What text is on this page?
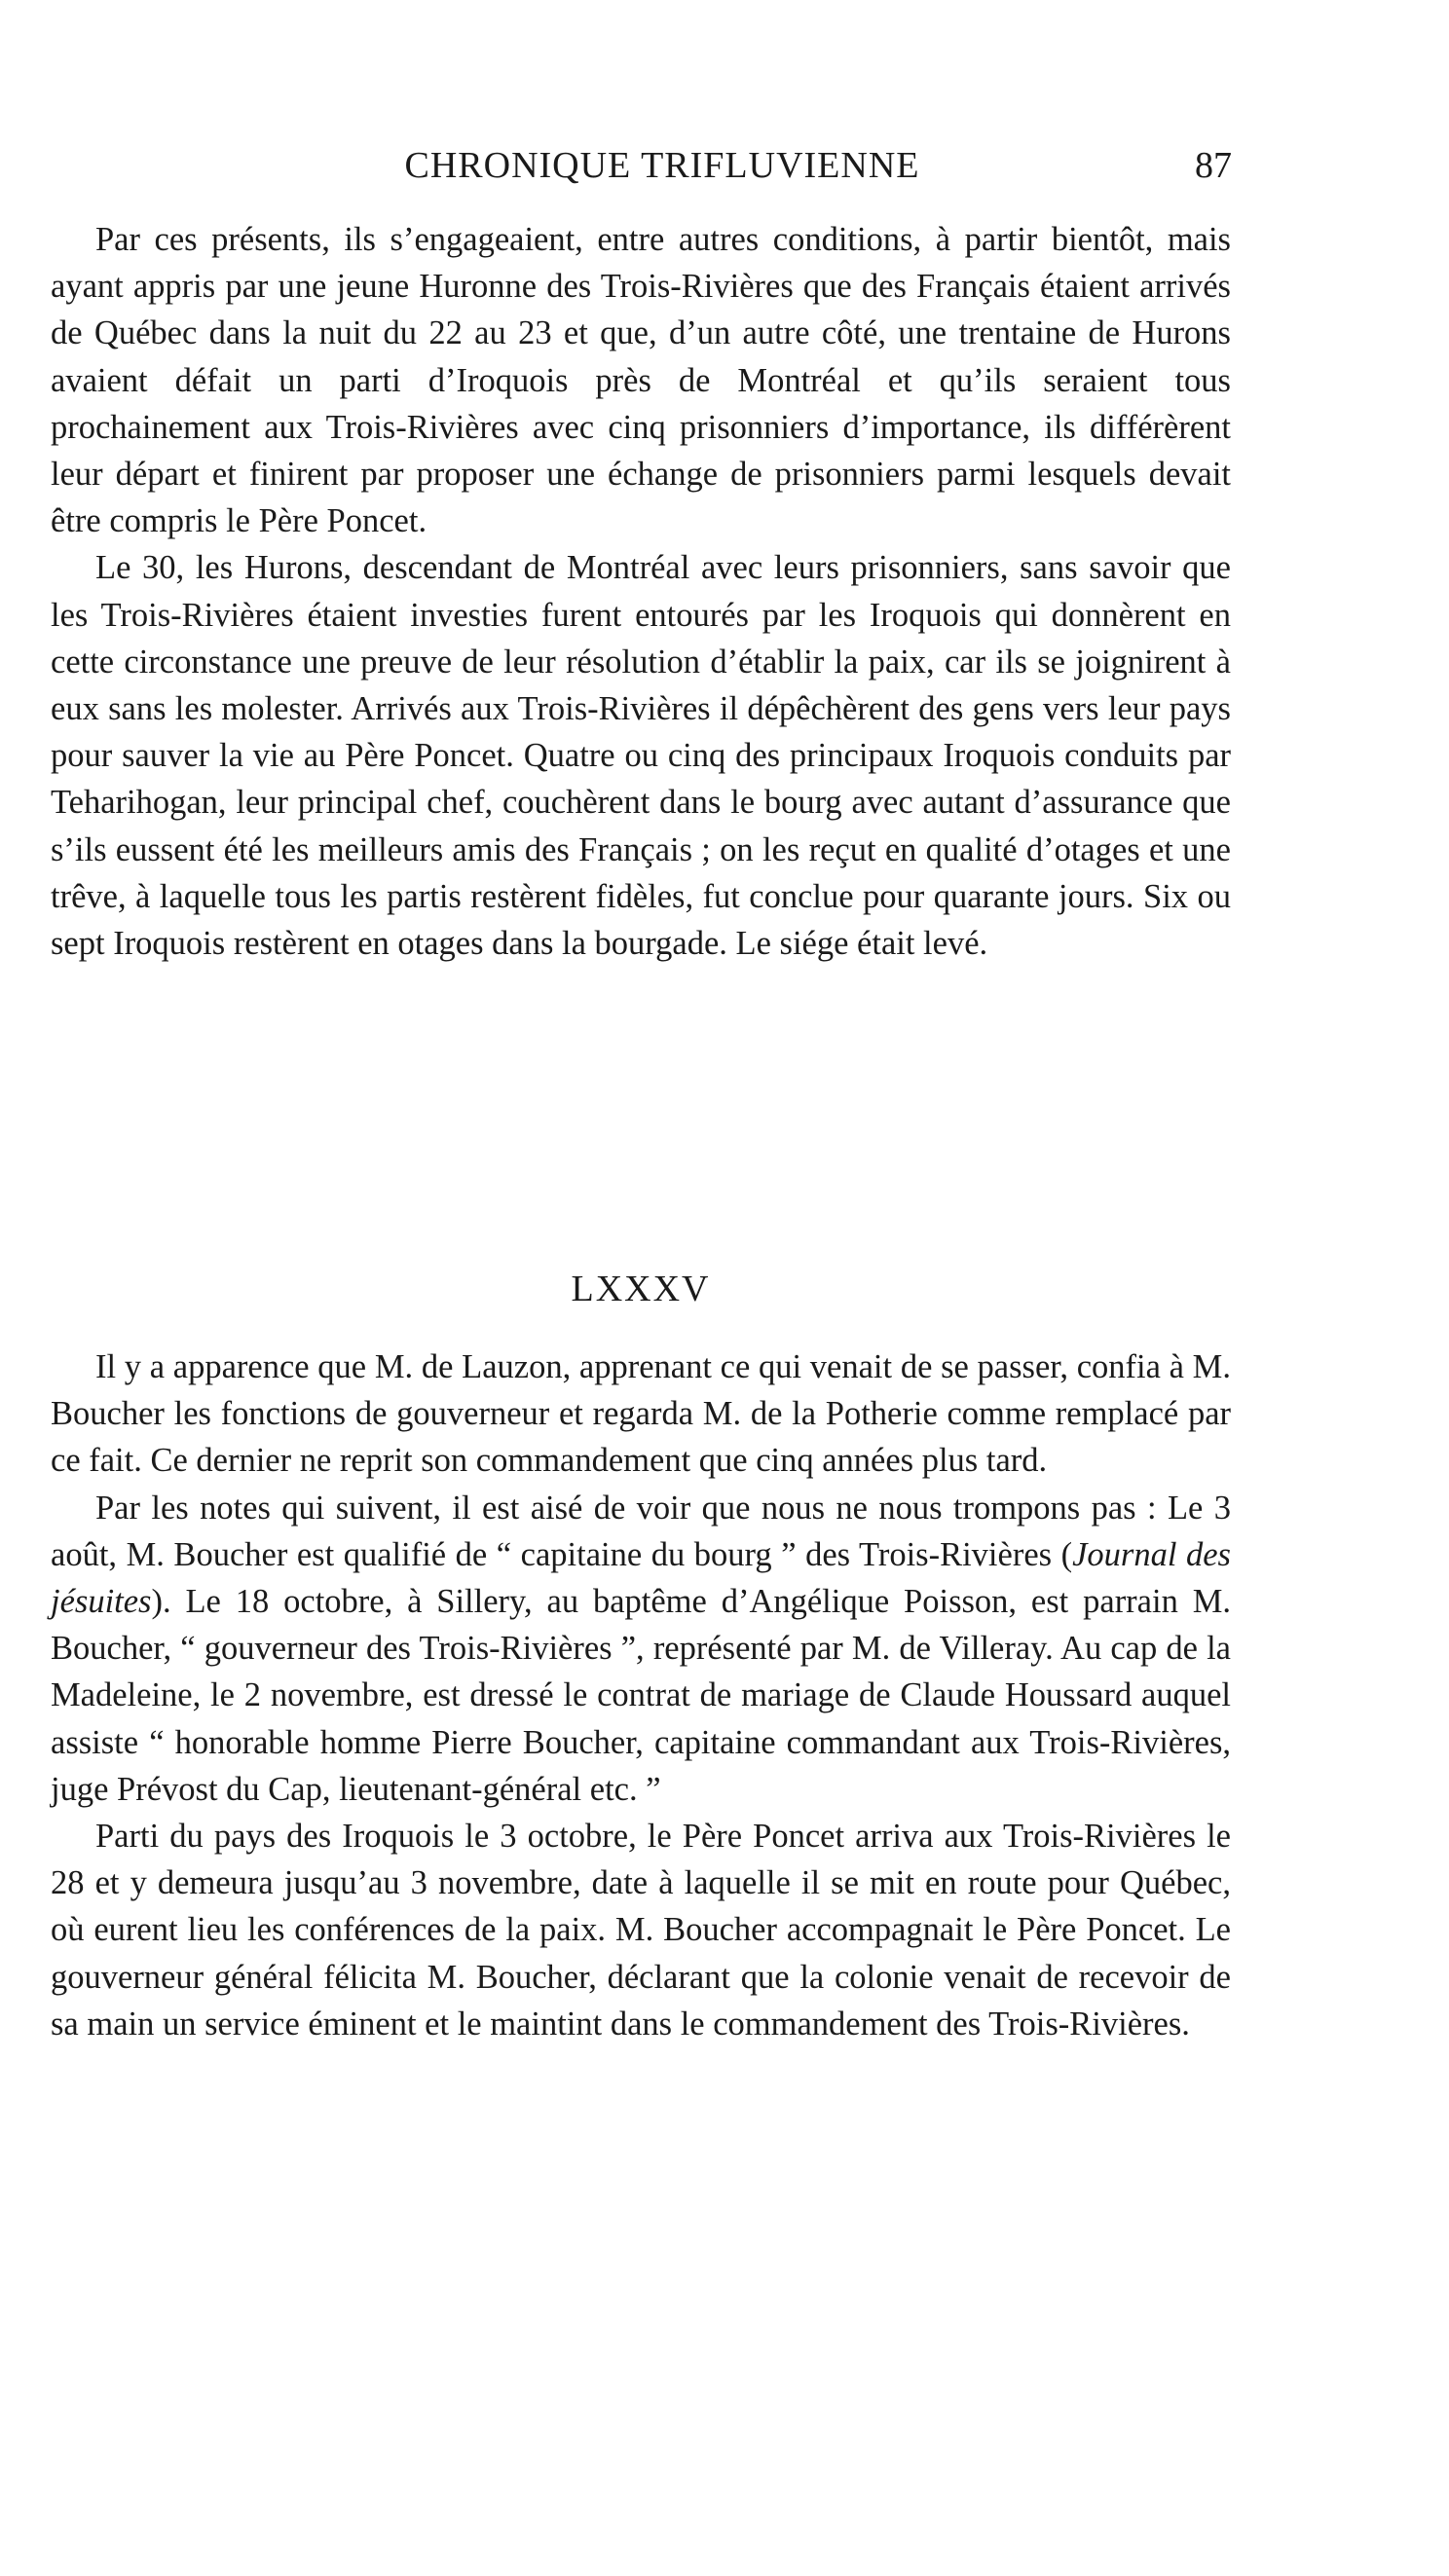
CHRONIQUE TRIFLUVIENNE	87

Par ces présents, ils s’engageaient, entre autres conditions, à partir bientôt, mais ayant appris par une jeune Huronne des Trois-Rivières que des Français étaient arrivés de Québec dans la nuit du 22 au 23 et que, d’un autre côté, une trentaine de Hurons avaient défait un parti d’Iroquois près de Montréal et qu’ils seraient tous prochainement aux Trois-Rivières avec cinq prisonniers d’importance, ils différèrent leur départ et finirent par proposer une échange de prisonniers parmi lesquels devait être compris le Père Poncet.

Le 30, les Hurons, descendant de Montréal avec leurs prisonniers, sans savoir que les Trois-Rivières étaient investies furent entourés par les Iroquois qui donnèrent en cette circonstance une preuve de leur résolution d’établir la paix, car ils se joignirent à eux sans les molester. Arrivés aux Trois-Rivières il dépêchèrent des gens vers leur pays pour sauver la vie au Père Poncet. Quatre ou cinq des principaux Iroquois conduits par Teharihogan, leur principal chef, couchèrent dans le bourg avec autant d’assurance que s’ils eussent été les meilleurs amis des Français ; on les reçut en qualité d’otages et une trêve, à laquelle tous les partis restèrent fidèles, fut conclue pour quarante jours. Six ou sept Iroquois restèrent en otages dans la bourgade. Le siége était levé.

LXXXV

Il y a apparence que M. de Lauzon, apprenant ce qui venait de se passer, confia à M. Boucher les fonctions de gouverneur et regarda M. de la Potherie comme remplacé par ce fait. Ce dernier ne reprit son commandement que cinq années plus tard.

Par les notes qui suivent, il est aisé de voir que nous ne nous trompons pas : Le 3 août, M. Boucher est qualifié de “ capitaine du bourg ” des Trois-Rivières (Journal des jésuites). Le 18 octobre, à Sillery, au baptême d’Angélique Poisson, est parrain M. Boucher, “ gouverneur des Trois-Rivières ”, représenté par M. de Villeray. Au cap de la Madeleine, le 2 novembre, est dressé le contrat de mariage de Claude Houssard auquel assiste “ honorable homme Pierre Boucher, capitaine commandant aux Trois-Rivières, juge Prévost du Cap, lieutenant-général etc. ”

Parti du pays des Iroquois le 3 octobre, le Père Poncet arriva aux Trois-Rivières le 28 et y demeura jusqu’au 3 novembre, date à laquelle il se mit en route pour Québec, où eurent lieu les conférences de la paix. M. Boucher accompagnait le Père Poncet. Le gouverneur général félicita M. Boucher, déclarant que la colonie venait de recevoir de sa main un service éminent et le maintint dans le commandement des Trois-Rivières.
